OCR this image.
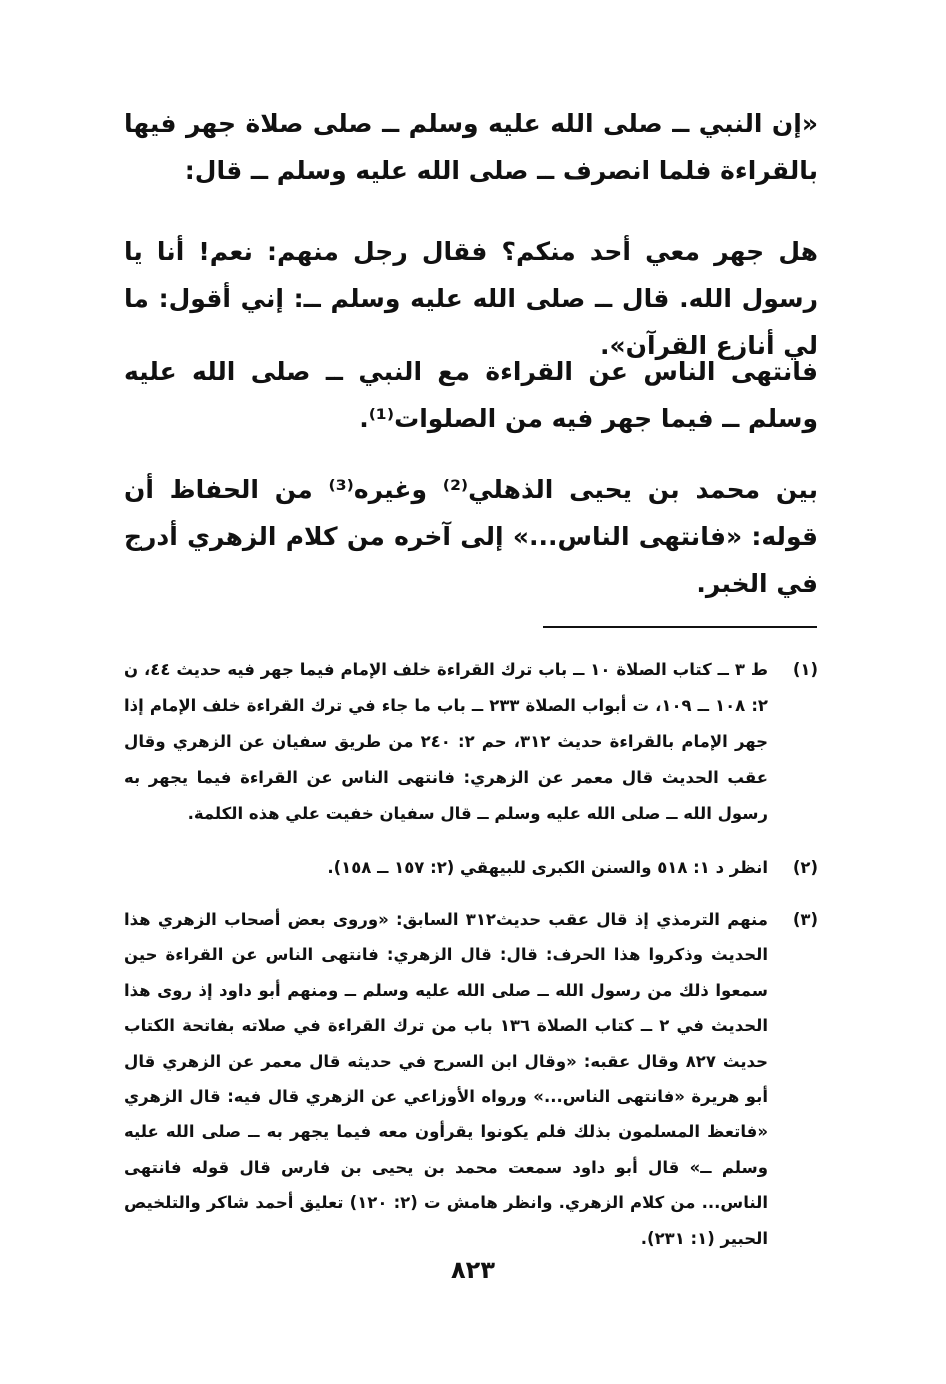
«إن النبي ــ صلى الله عليه وسلم ــ صلى صلاة جهر فيها بالقراءة فلما انصرف ــ صلى الله عليه وسلم ــ قال:

هل جهر معي أحد منكم؟ فقال رجل منهم: نعم! أنا يا رسول الله. قال ــ صلى الله عليه وسلم ــ: إني أقول: ما لي أنازع القرآن».

فانتهى الناس عن القراءة مع النبي ــ صلى الله عليه وسلم ــ فيما جهر فيه من الصلوات⁽¹⁾.

بين محمد بن يحيى الذهلي⁽²⁾ وغيره⁽³⁾ من الحفاظ أن قوله: «فانتهى الناس...» إلى آخره من كلام الزهري أدرج في الخبر.

(١)
ط ٣ ــ كتاب الصلاة ١٠ ــ باب ترك القراءة خلف الإمام فيما جهر فيه حديث ٤٤، ن ٢: ١٠٨ ــ ١٠٩، ت أبواب الصلاة ٢٣٣ ــ باب ما جاء في ترك القراءة خلف الإمام إذا جهر الإمام بالقراءة حديث ٣١٢، حم ٢: ٢٤٠ من طريق سفيان عن الزهري وقال عقب الحديث قال معمر عن الزهري: فانتهى الناس عن القراءة فيما يجهر به رسول الله ــ صلى الله عليه وسلم ــ قال سفيان خفيت علي هذه الكلمة.
(٢)
انظر د ١: ٥١٨ والسنن الكبرى للبيهقي (٢: ١٥٧ ــ ١٥٨).
(٣)
منهم الترمذي إذ قال عقب حديث٣١٢ السابق: «وروى بعض أصحاب الزهري هذا الحديث وذكروا هذا الحرف: قال: قال الزهري: فانتهى الناس عن القراءة حين سمعوا ذلك من رسول الله ــ صلى الله عليه وسلم ــ ومنهم أبو داود إذ روى هذا الحديث في ٢ ــ كتاب الصلاة ١٣٦ باب من ترك القراءة في صلاته بفاتحة الكتاب حديث ٨٢٧ وقال عقبه: «وقال ابن السرح في حديثه قال معمر عن الزهري قال أبو هريرة «فانتهى الناس...» ورواه الأوزاعي عن الزهري قال فيه: قال الزهري «فاتعظ المسلمون بذلك فلم يكونوا يقرأون معه فيما يجهر به ــ صلى الله عليه وسلم ــ» قال أبو داود سمعت محمد بن يحيى بن فارس قال قوله فانتهى الناس... من كلام الزهري. وانظر هامش ت (٢: ١٢٠) تعليق أحمد شاكر والتلخيص الحبير (١: ٢٣١).
٨٢٣
